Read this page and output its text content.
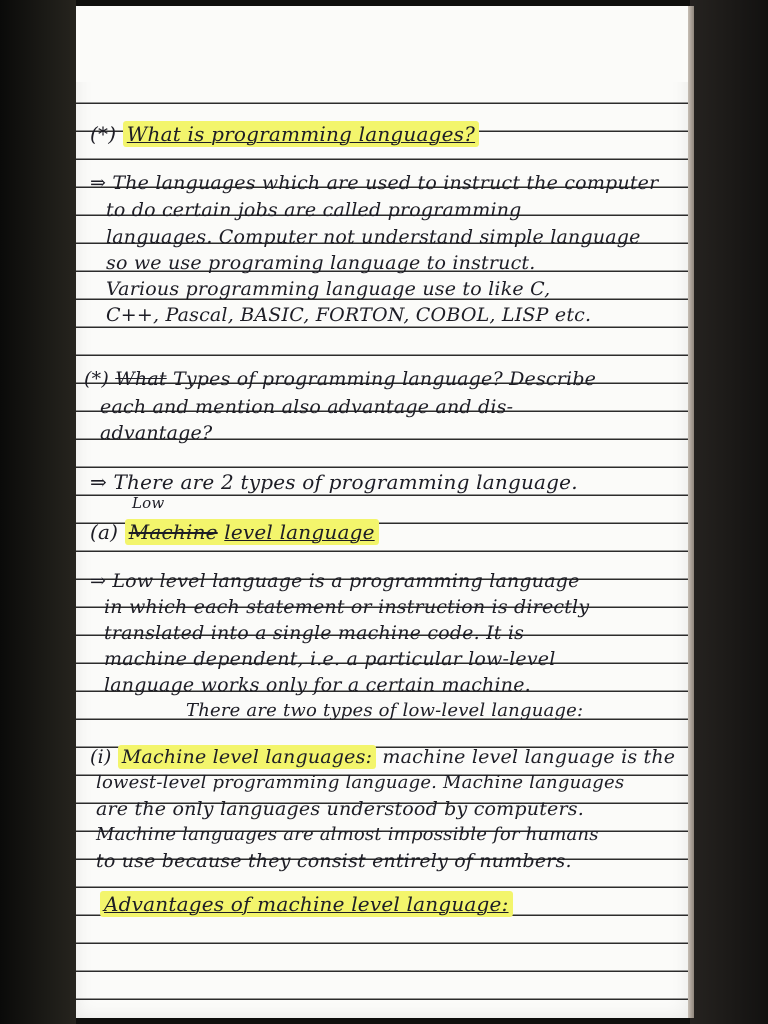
(*) What is programming languages?
⇒ The languages which are used to instruct the computer
to do certain jobs are called programming
languages. Computer not understand simple language
so we use programing language to instruct.
Various programming language use to like C,
C++, Pascal, BASIC, FORTON, COBOL, LISP etc.
(*) What Types of programming language? Describe
each and mention also advantage and dis-
advantage?
⇒ There are 2 types of programming language.
Low
(a) Machine level language
⇒ Low level language is a programming language
in which each statement or instruction is directly
translated into a single machine code. It is
machine dependent, i.e. a particular low-level
language works only for a certain machine.
There are two types of low-level language:
(i) Machine level languages: machine level language is the
lowest-level programming language. Machine languages
are the only languages understood by computers.
Machine languages are almost impossible for humans
to use because they consist entirely of numbers.
Advantages of machine level language:
